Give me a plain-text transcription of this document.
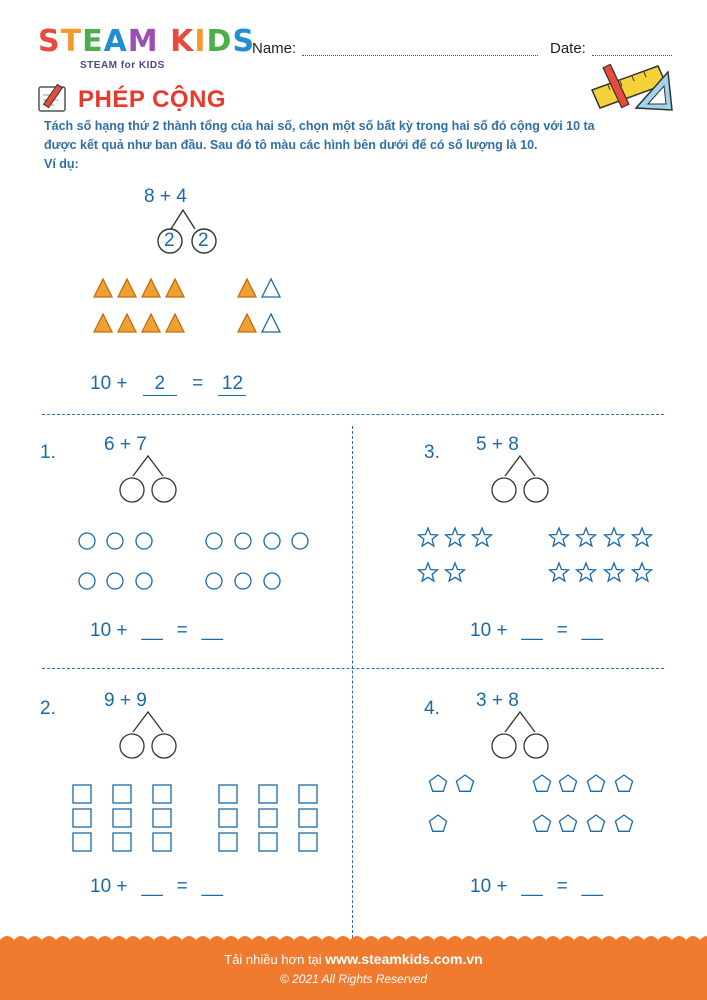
STEAM KIDS
STEAM for KIDS
Name:	Date:
PHÉP CỘNG
Tách số hạng thứ 2 thành tổng của hai số, chọn một số bất kỳ trong hai số đó cộng với 10 ta
được kết quả như ban đầu. Sau đó tô màu các hình bên dưới để có số lượng là 10.
Ví dụ:
8 + 4
2 2
10 + 2 = 12
1.	6 + 7
10 + __ = __
2.	9 + 9
10 + __ = __
3. 5 + 8
10 + __ = __
4. 3 + 8
10 + __ = __
Tải nhiều hơn tại www.steamkids.com.vn
© 2021 All Rights Reserved
